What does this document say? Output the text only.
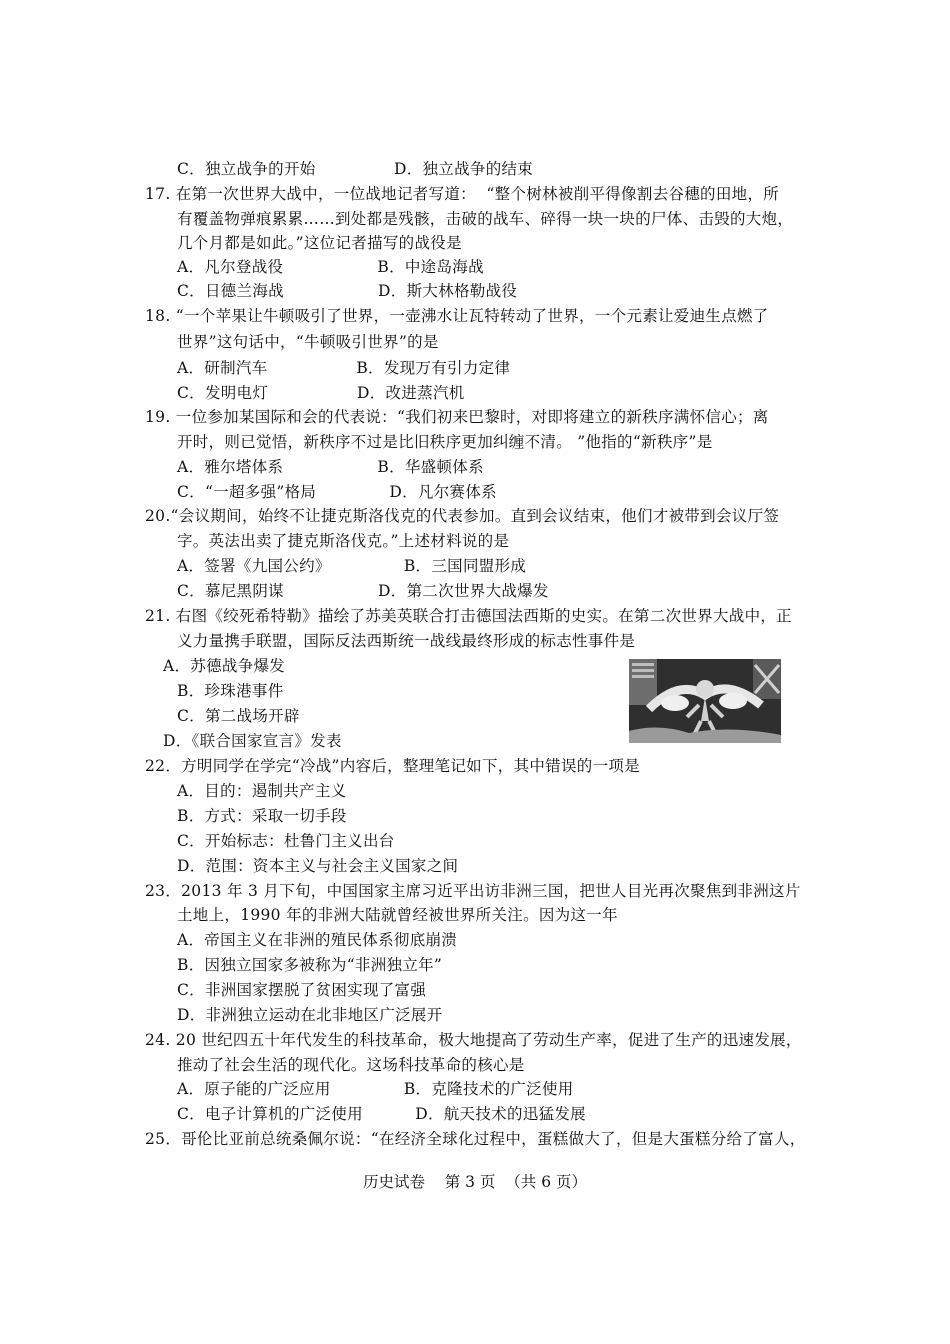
C．独立战争的开始               D．独立战争的结束
17. 在第一次世界大战中，一位战地记者写道：  “整个树林被削平得像割去谷穗的田地，所
有覆盖物弹痕累累……到处都是残骸，击破的战车、碎得一块一块的尸体、击毁的大炮，
几个月都是如此。”这位记者描写的战役是
A．凡尔登战役                  B．中途岛海战
C．日德兰海战                  D．斯大林格勒战役
18. “一个苹果让牛顿吸引了世界，一壶沸水让瓦特转动了世界，一个元素让爱迪生点燃了
世界”这句话中，“牛顿吸引世界”的是
A．研制汽车                 B．发现万有引力定律
C．发明电灯                 D．改进蒸汽机
19. 一位参加某国际和会的代表说：“我们初来巴黎时，对即将建立的新秩序满怀信心；离
开时，则已觉悟，新秩序不过是比旧秩序更加纠缠不清。 ”他指的“新秩序”是
A．雅尔塔体系                  B．华盛顿体系
C．“一超多强”格局              D．凡尔赛体系
20.“会议期间，始终不让捷克斯洛伐克的代表参加。直到会议结束，他们才被带到会议厅签
字。英法出卖了捷克斯洛伐克。”上述材料说的是
A．签署《九国公约》              B．三国同盟形成
C．慕尼黑阴谋                  D．第二次世界大战爆发
21. 右图《绞死希特勒》描绘了苏美英联合打击德国法西斯的史实。在第二次世界大战中，正
义力量携手联盟，国际反法西斯统一战线最终形成的标志性事件是
A．苏德战争爆发
B．珍珠港事件
C．第二战场开辟
D．《联合国家宣言》发表
22．方明同学在学完“冷战”内容后，整理笔记如下，其中错误的一项是
A．目的：遏制共产主义
B．方式：采取一切手段
C．开始标志：杜鲁门主义出台
D．范围：资本主义与社会主义国家之间
23．2013 年 3 月下旬，中国国家主席习近平出访非洲三国，把世人目光再次聚焦到非洲这片
土地上，1990 年的非洲大陆就曾经被世界所关注。因为这一年
A．帝国主义在非洲的殖民体系彻底崩溃
B．因独立国家多被称为“非洲独立年”
C．非洲国家摆脱了贫困实现了富强
D．非洲独立运动在北非地区广泛展开
24. 20 世纪四五十年代发生的科技革命，极大地提高了劳动生产率，促进了生产的迅速发展，
推动了社会生活的现代化。这场科技革命的核心是
A．原子能的广泛应用              B．克隆技术的广泛使用
C．电子计算机的广泛使用          D．航天技术的迅猛发展
25．哥伦比亚前总统桑佩尔说：“在经济全球化过程中，蛋糕做大了，但是大蛋糕分给了富人，
历史试卷    第 3 页  （共 6 页）
